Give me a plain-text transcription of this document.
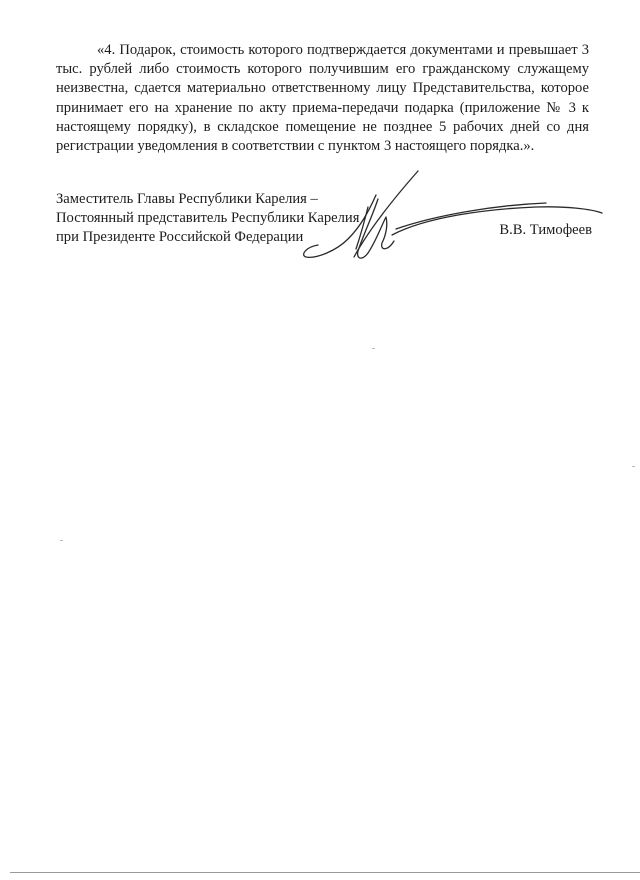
«4. Подарок, стоимость которого подтверждается документами и превышает 3 тыс. рублей либо стоимость которого получившим его гражданскому служащему неизвестна, сдается материально ответственному лицу Представительства, которое принимает его на хранение по акту приема-передачи подарка (приложение № 3 к настоящему порядку), в складское помещение не позднее 5 рабочих дней со дня регистрации уведомления в соответствии с пунктом 3 настоящего порядка.».

Заместитель Главы Республики Карелия –
Постоянный представитель Республики Карелия
при Президенте Российской Федерации	В.В. Тимофеев
